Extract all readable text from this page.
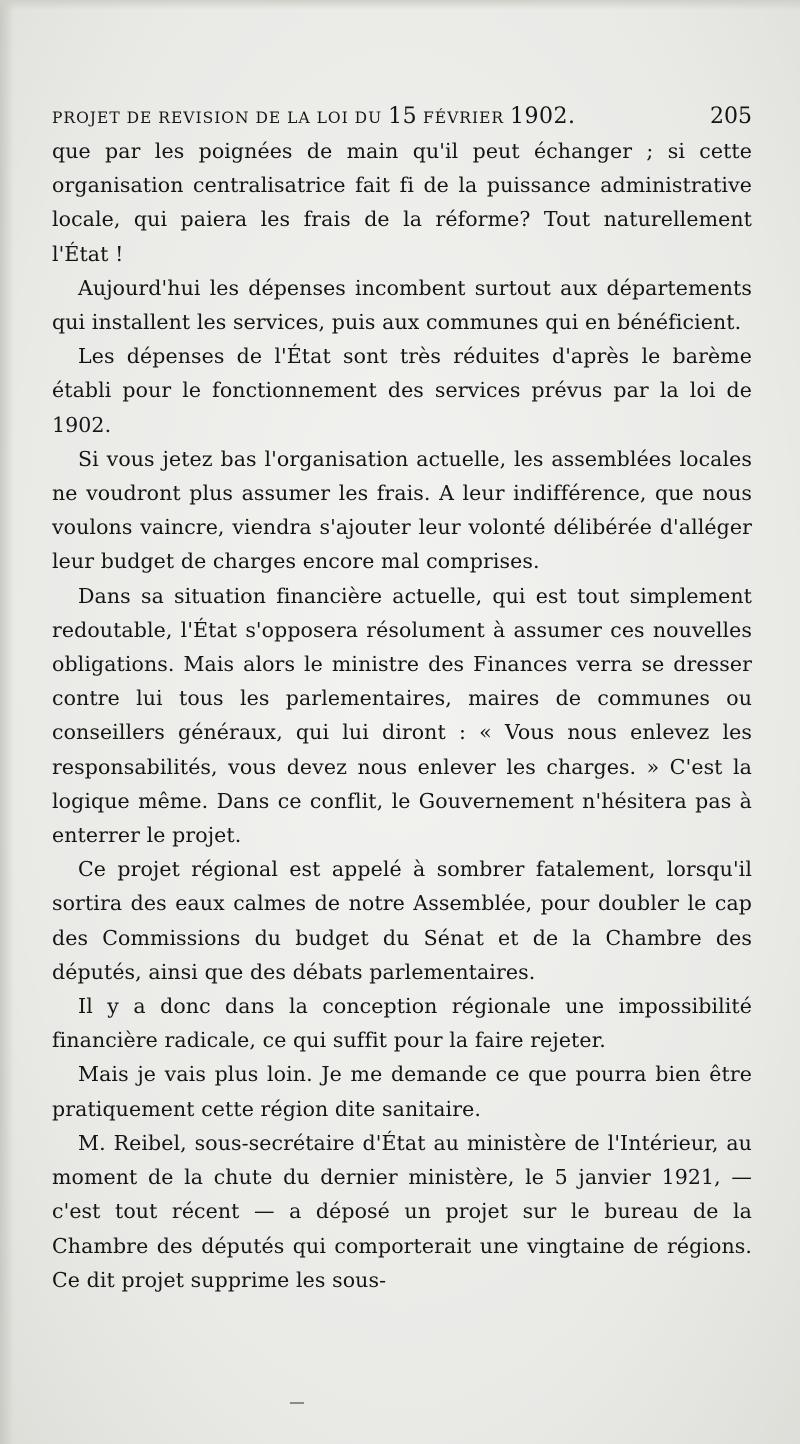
PROJET DE REVISION DE LA LOI DU 15 FÉVRIER 1902.	205

que par les poignées de main qu'il peut échanger ; si cette organisation centralisatrice fait fi de la puissance administrative locale, qui paiera les frais de la réforme? Tout naturellement l'État !

Aujourd'hui les dépenses incombent surtout aux départements qui installent les services, puis aux communes qui en bénéficient.

Les dépenses de l'État sont très réduites d'après le barème établi pour le fonctionnement des services prévus par la loi de 1902.

Si vous jetez bas l'organisation actuelle, les assemblées locales ne voudront plus assumer les frais. A leur indifférence, que nous voulons vaincre, viendra s'ajouter leur volonté délibérée d'alléger leur budget de charges encore mal comprises.

Dans sa situation financière actuelle, qui est tout simplement redoutable, l'État s'opposera résolument à assumer ces nouvelles obligations. Mais alors le ministre des Finances verra se dresser contre lui tous les parlementaires, maires de communes ou conseillers généraux, qui lui diront : « Vous nous enlevez les responsabilités, vous devez nous enlever les charges. » C'est la logique même. Dans ce conflit, le Gouvernement n'hésitera pas à enterrer le projet.

Ce projet régional est appelé à sombrer fatalement, lorsqu'il sortira des eaux calmes de notre Assemblée, pour doubler le cap des Commissions du budget du Sénat et de la Chambre des députés, ainsi que des débats parlementaires.

Il y a donc dans la conception régionale une impossibilité financière radicale, ce qui suffit pour la faire rejeter.

Mais je vais plus loin. Je me demande ce que pourra bien être pratiquement cette région dite sanitaire.

M. Reibel, sous-secrétaire d'État au ministère de l'Intérieur, au moment de la chute du dernier ministère, le 5 janvier 1921, — c'est tout récent — a déposé un projet sur le bureau de la Chambre des députés qui comporterait une vingtaine de régions. Ce dit projet supprime les sous-
